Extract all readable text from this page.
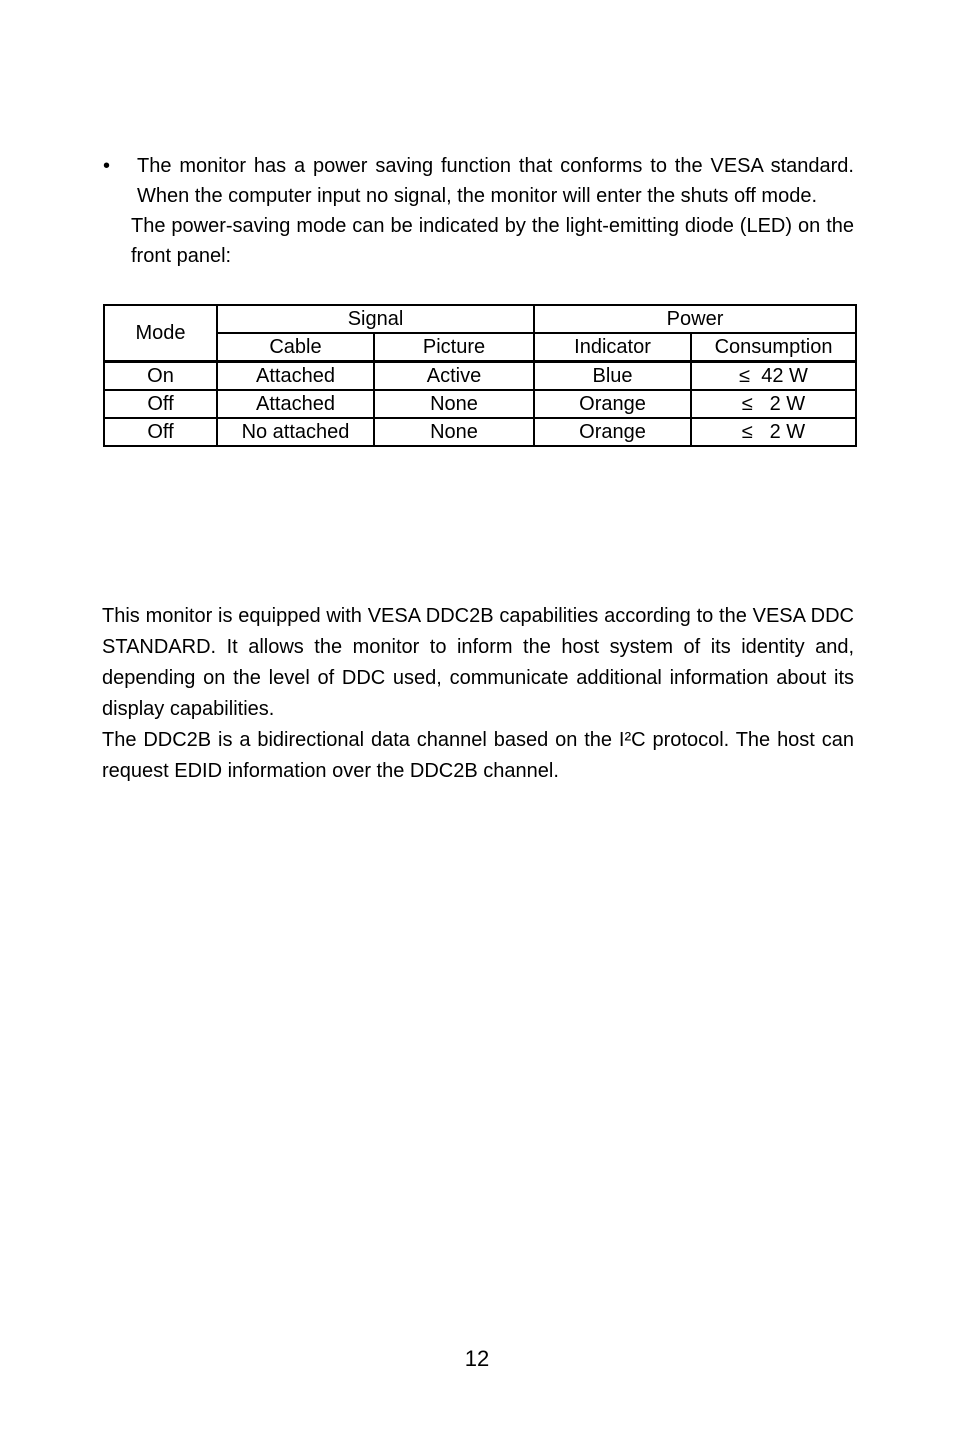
• The monitor has a power saving function that conforms to the VESA standard. When the computer input no signal, the monitor will enter the shuts off mode.
The power-saving mode can be indicated by the light-emitting diode (LED) on the front panel:
Mode	Signal		Power	
	Cable	Picture	Indicator	Consumption
On	Attached	Active	Blue	≤  42 W
Off	Attached	None	Orange	≤   2 W
Off	No attached	None	Orange	≤   2 W

This monitor is equipped with VESA DDC2B capabilities according to the VESA DDC STANDARD. It allows the monitor to inform the host system of its identity and, depending on the level of DDC used, communicate additional information about its display capabilities.

The DDC2B is a bidirectional data channel based on the I²C protocol. The host can request EDID information over the DDC2B channel.

12
